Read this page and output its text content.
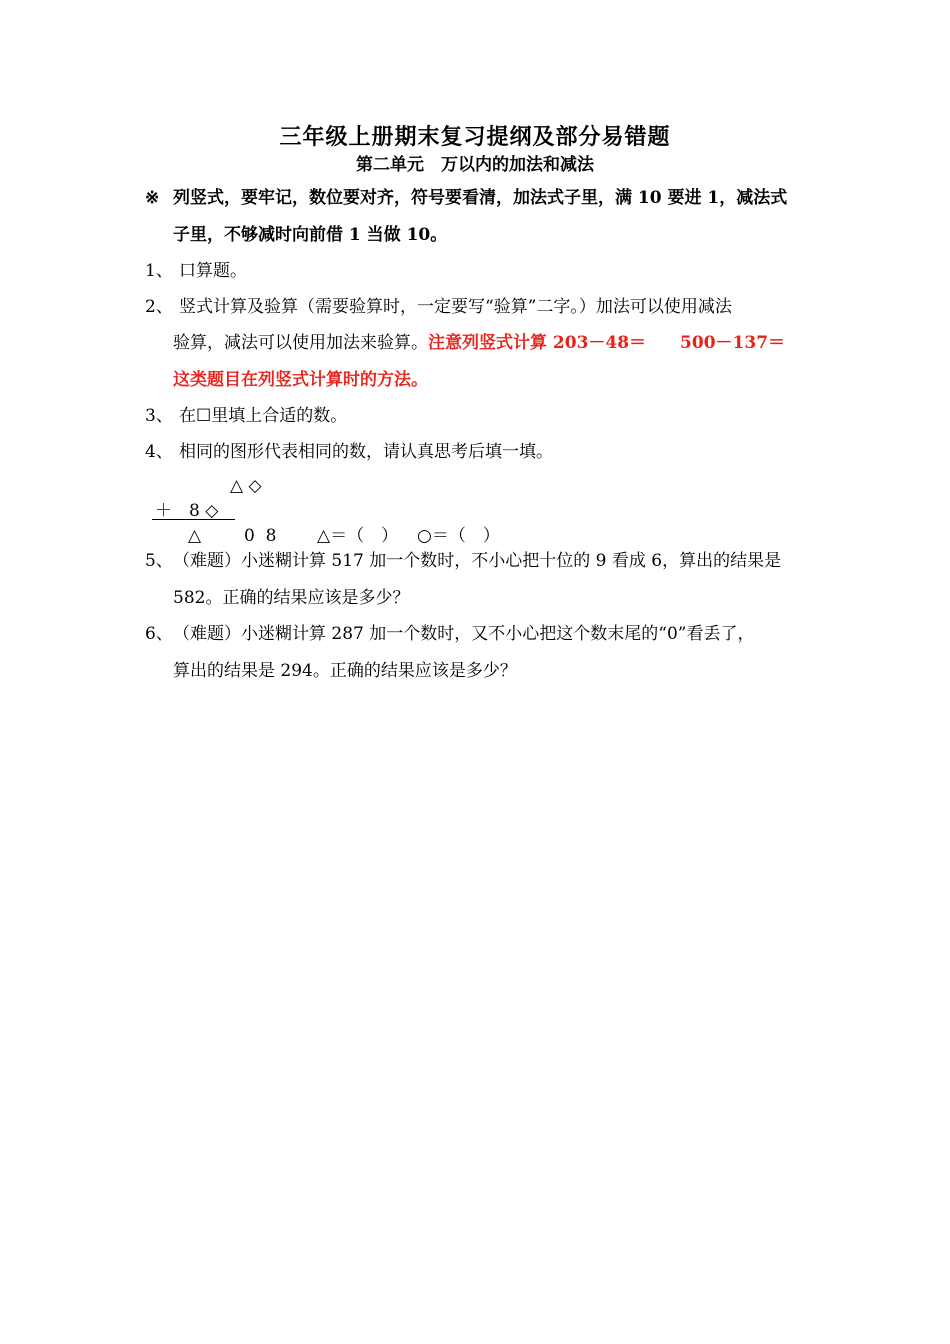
三年级上册期末复习提纲及部分易错题
第二单元　万以内的加法和减法
※ 列竖式，要牢记，数位要对齐，符号要看清，加法式子里，满 10 要进 1，减法式
子里，不够减时向前借 1 当做 10。
1、 口算题。
2、 竖式计算及验算（需要验算时，一定要写“验算”二字。）加法可以使用减法
验算，减法可以使用加法来验算。注意列竖式计算 203－48＝　　500－137＝
这类题目在列竖式计算时的方法。
3、 在☐里填上合适的数。
4、 相同的图形代表相同的数，请认真思考后填一填。
△ ◇
＋　8 ◇
△	0  8 △＝（　） ○＝（　）
5、 （难题）小迷糊计算 517 加一个数时，不小心把十位的 9 看成 6，算出的结果是
582。正确的结果应该是多少？
6、 （难题）小迷糊计算 287 加一个数时，又不小心把这个数末尾的“0”看丢了，
算出的结果是 294。正确的结果应该是多少？
